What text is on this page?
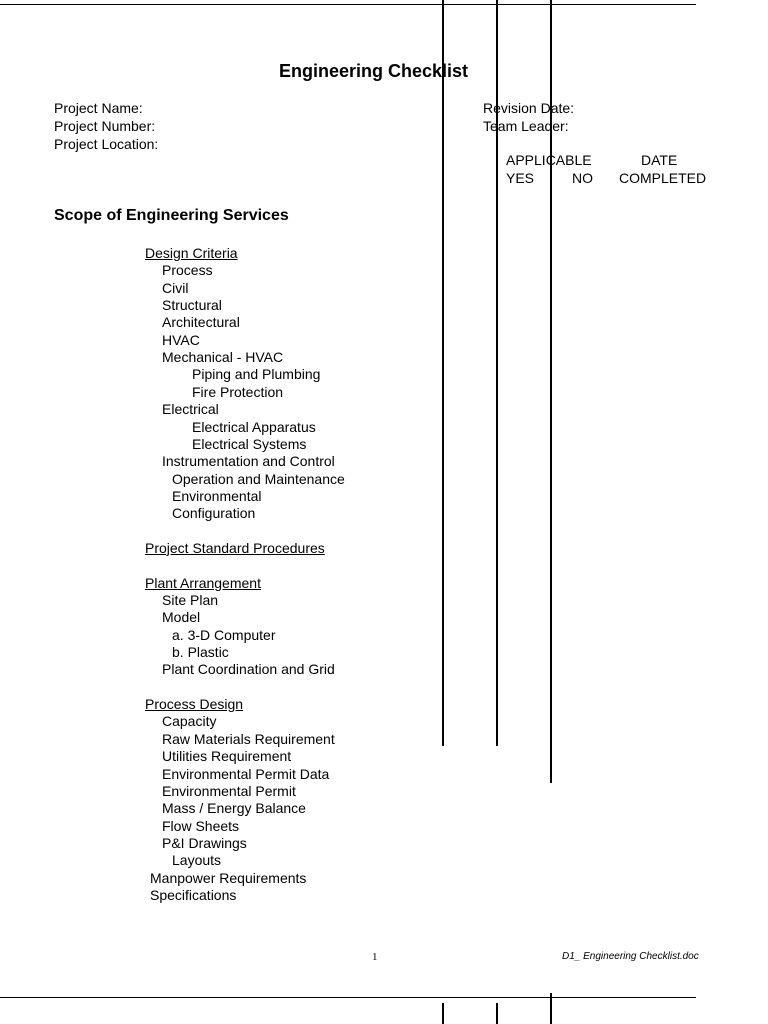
Engineering Checklist
Project Name:
Project Number:
Project Location:
Revision Date:
Team Leader:
APPLICABLE	DATE
YES	NO COMPLETED
Scope of Engineering Services
Design Criteria
Process
Civil
Structural
Architectural
HVAC
Mechanical - HVAC
Piping and Plumbing
Fire Protection
Electrical
Electrical Apparatus
Electrical Systems
Instrumentation and Control
Operation and Maintenance
Environmental
Configuration
Project Standard Procedures
Plant Arrangement
Site Plan
Model
a. 3-D Computer
b. Plastic
Plant Coordination and Grid
Process Design
Capacity
Raw Materials Requirement
Utilities Requirement
Environmental Permit Data
Environmental Permit
Mass / Energy Balance
Flow Sheets
P&I Drawings
Layouts
Manpower Requirements
Specifications
1	D1_ Engineering Checklist.doc
